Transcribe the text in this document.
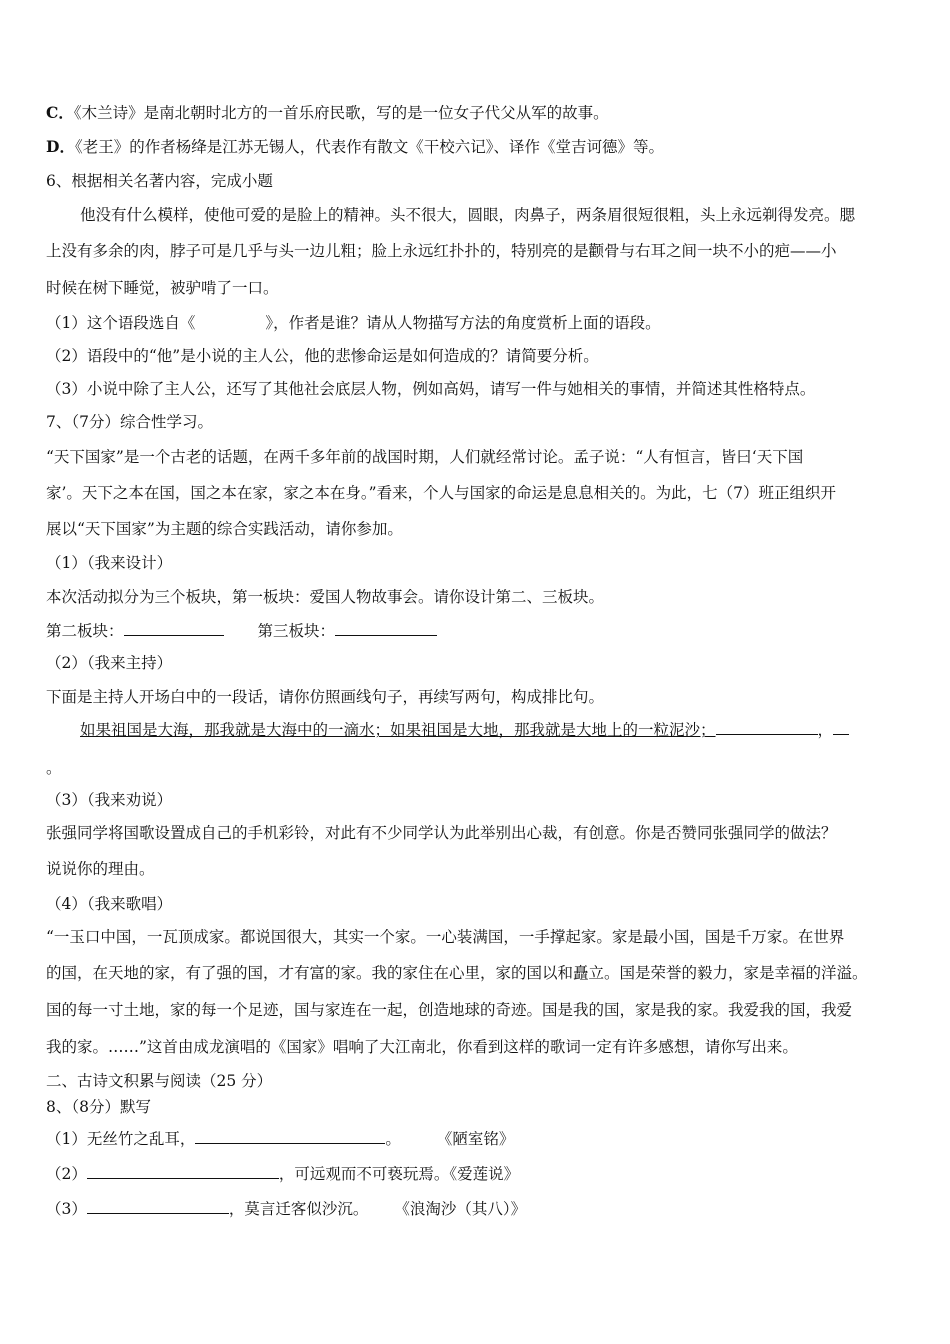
C．《木兰诗》是南北朝时北方的一首乐府民歌，写的是一位女子代父从军的故事。
D．《老王》的作者杨绛是江苏无锡人，代表作有散文《干校六记》、译作《堂吉诃德》等。
6、根据相关名著内容，完成小题
他没有什么模样，使他可爱的是脸上的精神。头不很大，圆眼，肉鼻子，两条眉很短很粗，头上永远剃得发亮。腮
上没有多余的肉，脖子可是几乎与头一边儿粗；脸上永远红扑扑的，特别亮的是颧骨与右耳之间一块不小的疤——小
时候在树下睡觉，被驴啃了一口。
（1）这个语段选自《	》，作者是谁？请从人物描写方法的角度赏析上面的语段。
（2）语段中的“他”是小说的主人公，他的悲惨命运是如何造成的？请简要分析。
（3）小说中除了主人公，还写了其他社会底层人物，例如高妈，请写一件与她相关的事情，并简述其性格特点。
7、（7分）综合性学习。
“天下国家”是一个古老的话题，在两千多年前的战国时期，人们就经常讨论。孟子说：“人有恒言，皆曰‘天下国
家’。天下之本在国，国之本在家，家之本在身。”看来，个人与国家的命运是息息相关的。为此，七（7）班正组织开
展以“天下国家”为主题的综合实践活动，请你参加。
（1）（我来设计）
本次活动拟分为三个板块，第一板块：爱国人物故事会。请你设计第二、三板块。
第二板块：	第三板块：
（2）（我来主持）
下面是主持人开场白中的一段话，请你仿照画线句子，再续写两句，构成排比句。
如果祖国是大海，那我就是大海中的一滴水；如果祖国是大地，那我就是大地上的一粒泥沙；	，
。
（3）（我来劝说）
张强同学将国歌设置成自己的手机彩铃，对此有不少同学认为此举别出心裁，有创意。你是否赞同张强同学的做法？
说说你的理由。
（4）（我来歌唱）
“一玉口中国，一瓦顶成家。都说国很大，其实一个家。一心装满国，一手撑起家。家是最小国，国是千万家。在世界
的国，在天地的家，有了强的国，才有富的家。我的家住在心里，家的国以和矗立。国是荣誉的毅力，家是幸福的洋溢。
国的每一寸土地，家的每一个足迹，国与家连在一起，创造地球的奇迹。国是我的国，家是我的家。我爱我的国，我爱
我的家。……”这首由成龙演唱的《国家》唱响了大江南北，你看到这样的歌词一定有许多感想，请你写出来。
二、古诗文积累与阅读（25 分）
8、（8分）默写
（1）无丝竹之乱耳，	。 《陋室铭》
（2）	，可远观而不可亵玩焉。《爱莲说》
（3）	，莫言迁客似沙沉。 《浪淘沙（其八）》
